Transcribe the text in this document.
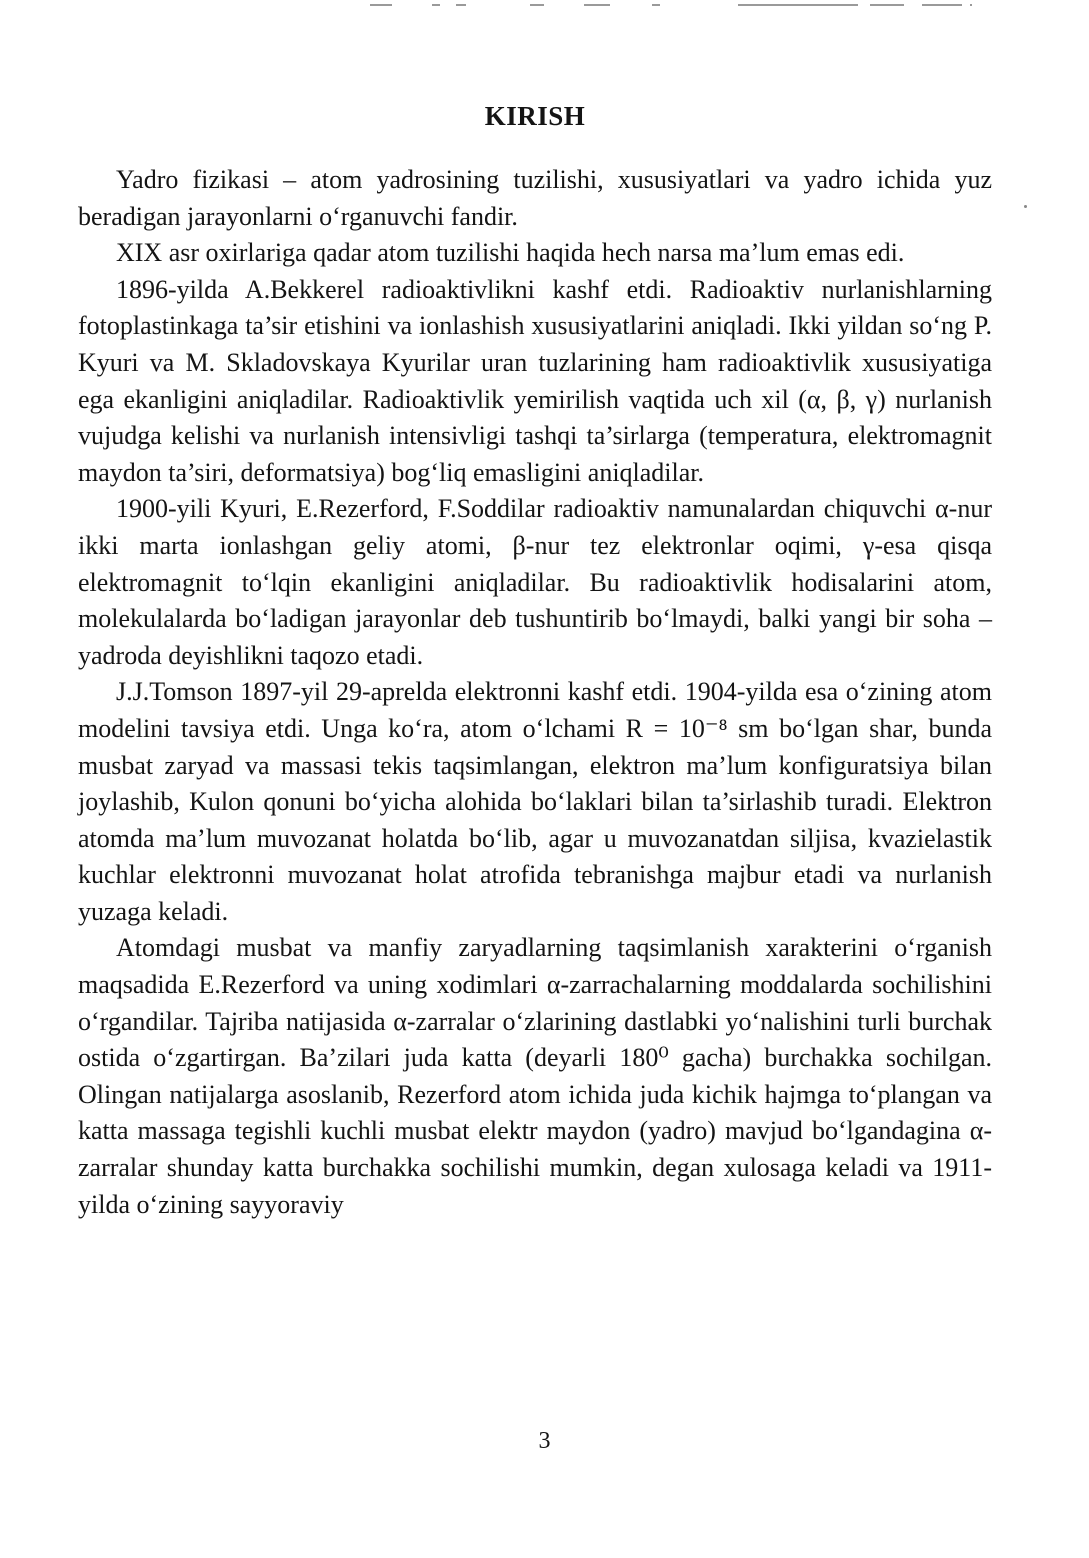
KIRISH

Yadro fizikasi – atom yadrosining tuzilishi, xususiyatlari va yadro ichida yuz beradigan jarayonlarni o‘rganuvchi fandir.

XIX asr oxirlariga qadar atom tuzilishi haqida hech narsa ma’lum emas edi.

1896-yilda A.Bekkerel radioaktivlikni kashf etdi. Radioaktiv nurlanishlarning fotoplastinkaga ta’sir etishini va ionlashish xususiyatlarini aniqladi. Ikki yildan so‘ng P. Kyuri va M. Skladovskaya Kyurilar uran tuzlarining ham radioaktivlik xususiyatiga ega ekanligini aniqladilar. Radioaktivlik yemirilish vaqtida uch xil (α, β, γ) nurlanish vujudga kelishi va nurlanish intensivligi tashqi ta’sirlarga (temperatura, elektromagnit maydon ta’siri, deformatsiya) bog‘liq emasligini aniqladilar.

1900-yili Kyuri, E.Rezerford, F.Soddilar radioaktiv namunalardan chiquvchi α-nur ikki marta ionlashgan geliy atomi, β-nur tez elektronlar oqimi, γ-esa qisqa elektromagnit to‘lqin ekanligini aniqladilar. Bu radioaktivlik hodisalarini atom, molekulalarda bo‘ladigan jarayonlar deb tushuntirib bo‘lmaydi, balki yangi bir soha – yadroda deyishlikni taqozo etadi.

J.J.Tomson 1897-yil 29-aprelda elektronni kashf etdi. 1904-yilda esa o‘zining atom modelini tavsiya etdi. Unga ko‘ra, atom o‘lchami R = 10⁻⁸ sm bo‘lgan shar, bunda musbat zaryad va massasi tekis taqsimlangan, elektron ma’lum konfiguratsiya bilan joylashib, Kulon qonuni bo‘yicha alohida bo‘laklari bilan ta’sirlashib turadi. Elektron atomda ma’lum muvozanat holatda bo‘lib, agar u muvozanatdan siljisa, kvazielastik kuchlar elektronni muvozanat holat atrofida tebranishga majbur etadi va nurlanish yuzaga keladi.

Atomdagi musbat va manfiy zaryadlarning taqsimlanish xarakterini o‘rganish maqsadida E.Rezerford va uning xodimlari α-zarrachalarning moddalarda sochilishini o‘rgandilar. Tajriba natijasida α-zarralar o‘zlarining dastlabki yo‘nalishini turli burchak ostida o‘zgartirgan. Ba’zilari juda katta (deyarli 180⁰ gacha) burchakka sochilgan. Olingan natijalarga asoslanib, Rezerford atom ichida juda kichik hajmga to‘plangan va katta massaga tegishli kuchli musbat elektr maydon (yadro) mavjud bo‘lgandagina α-zarralar shunday katta burchakka sochilishi mumkin, degan xulosaga keladi va 1911-yilda o‘zining sayyoraviy

3
